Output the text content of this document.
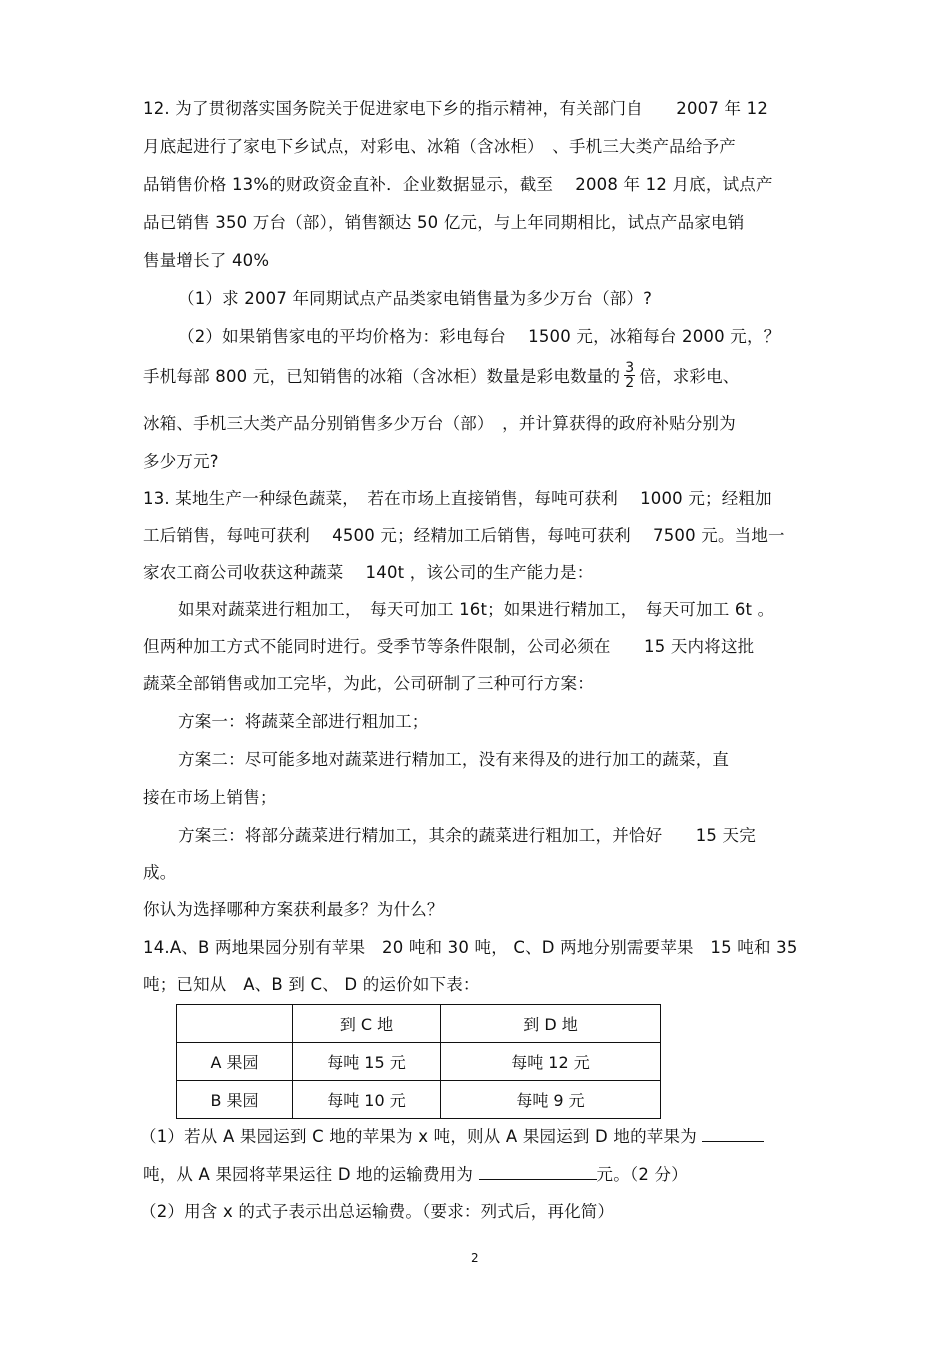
12. 为了贯彻落实国务院关于促进家电下乡的指示精神，有关部门自　　2007 年 12
月底起进行了家电下乡试点，对彩电、冰箱（含冰柜）　、手机三大类产品给予产
品销售价格 13%的财政资金直补．企业数据显示，截至　 2008 年 12 月底，试点产
品已销售 350 万台（部），销售额达 50 亿元，与上年同期相比，试点产品家电销
售量增长了 40%
（1）求 2007 年同期试点产品类家电销售量为多少万台（部）?
（2）如果销售家电的平均价格为：彩电每台　 1500 元，冰箱每台 2000 元，？
手机每部 800 元，已知销售的冰箱（含冰柜）数量是彩电数量的 $\frac{3}{2}$ 倍，求彩电、
冰箱、手机三大类产品分别销售多少万台（部）　，并计算获得的政府补贴分别为
多少万元?
13. 某地生产一种绿色蔬菜，　若在市场上直接销售，每吨可获利　 1000 元；经粗加
工后销售，每吨可获利　 4500 元；经精加工后销售，每吨可获利　 7500 元。当地一
家农工商公司收获这种蔬菜　 140t ，该公司的生产能力是：
如果对蔬菜进行粗加工，　每天可加工 16t；如果进行精加工，　每天可加工 6t 。
但两种加工方式不能同时进行。受季节等条件限制，公司必须在　　15 天内将这批
蔬菜全部销售或加工完毕，为此，公司研制了三种可行方案：
方案一：将蔬菜全部进行粗加工；
方案二：尽可能多地对蔬菜进行精加工，没有来得及的进行加工的蔬菜，直
接在市场上销售；
方案三：将部分蔬菜进行精加工，其余的蔬菜进行粗加工，并恰好　　15 天完
成。
你认为选择哪种方案获利最多？为什么？
14.A、B 两地果园分别有苹果　20 吨和 30 吨， C、D 两地分别需要苹果　15 吨和 35
吨；已知从　A、B 到 C、 D 的运价如下表：
	到 C 地	到 D 地
A 果园	每吨 15 元	每吨 12 元
B 果园	每吨 10 元	每吨 9 元
（1）若从 A 果园运到 C 地的苹果为 x 吨，则从 A 果园运到 D 地的苹果为
吨，从 A 果园将苹果运往 D 地的运输费用为	元。（2 分）
（2）用含 x 的式子表示出总运输费。（要求：列式后，再化简）
2
